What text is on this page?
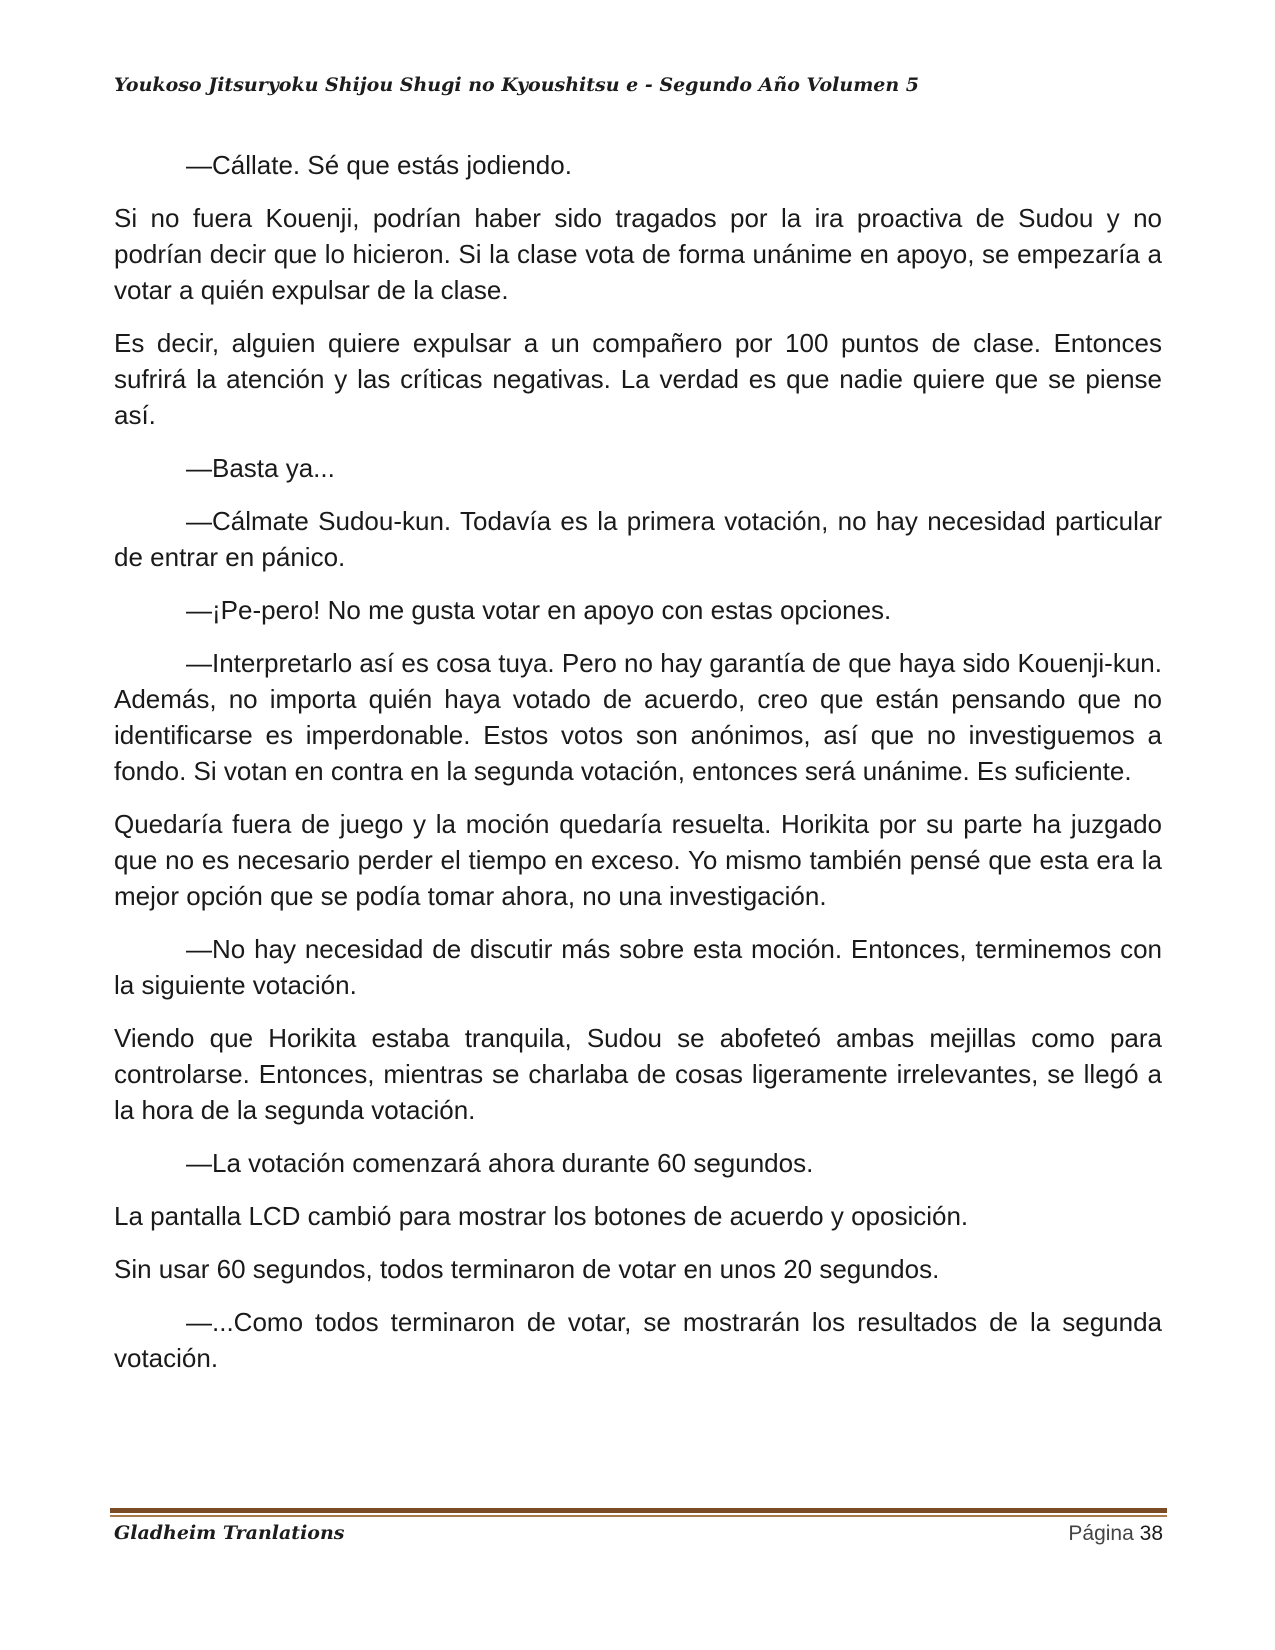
Youkoso Jitsuryoku Shijou Shugi no Kyoushitsu e - Segundo Año Volumen 5

—Cállate. Sé que estás jodiendo.

Si no fuera Kouenji, podrían haber sido tragados por la ira proactiva de Sudou y no podrían decir que lo hicieron. Si la clase vota de forma unánime en apoyo, se empezaría a votar a quién expulsar de la clase.

Es decir, alguien quiere expulsar a un compañero por 100 puntos de clase. Entonces sufrirá la atención y las críticas negativas. La verdad es que nadie quiere que se piense así.

—Basta ya...

—Cálmate Sudou-kun. Todavía es la primera votación, no hay necesidad particular de entrar en pánico.

—¡Pe-pero! No me gusta votar en apoyo con estas opciones.

—Interpretarlo así es cosa tuya. Pero no hay garantía de que haya sido Kouenji-kun. Además, no importa quién haya votado de acuerdo, creo que están pensando que no identificarse es imperdonable. Estos votos son anónimos, así que no investiguemos a fondo. Si votan en contra en la segunda votación, entonces será unánime. Es suficiente.

Quedaría fuera de juego y la moción quedaría resuelta. Horikita por su parte ha juzgado que no es necesario perder el tiempo en exceso. Yo mismo también pensé que esta era la mejor opción que se podía tomar ahora, no una investigación.

—No hay necesidad de discutir más sobre esta moción. Entonces, terminemos con la siguiente votación.

Viendo que Horikita estaba tranquila, Sudou se abofeteó ambas mejillas como para controlarse. Entonces, mientras se charlaba de cosas ligeramente irrelevantes, se llegó a la hora de la segunda votación.

—La votación comenzará ahora durante 60 segundos.

La pantalla LCD cambió para mostrar los botones de acuerdo y oposición.

Sin usar 60 segundos, todos terminaron de votar en unos 20 segundos.

—...Como todos terminaron de votar, se mostrarán los resultados de la segunda votación.

Gladheim Tranlations	Página 38
